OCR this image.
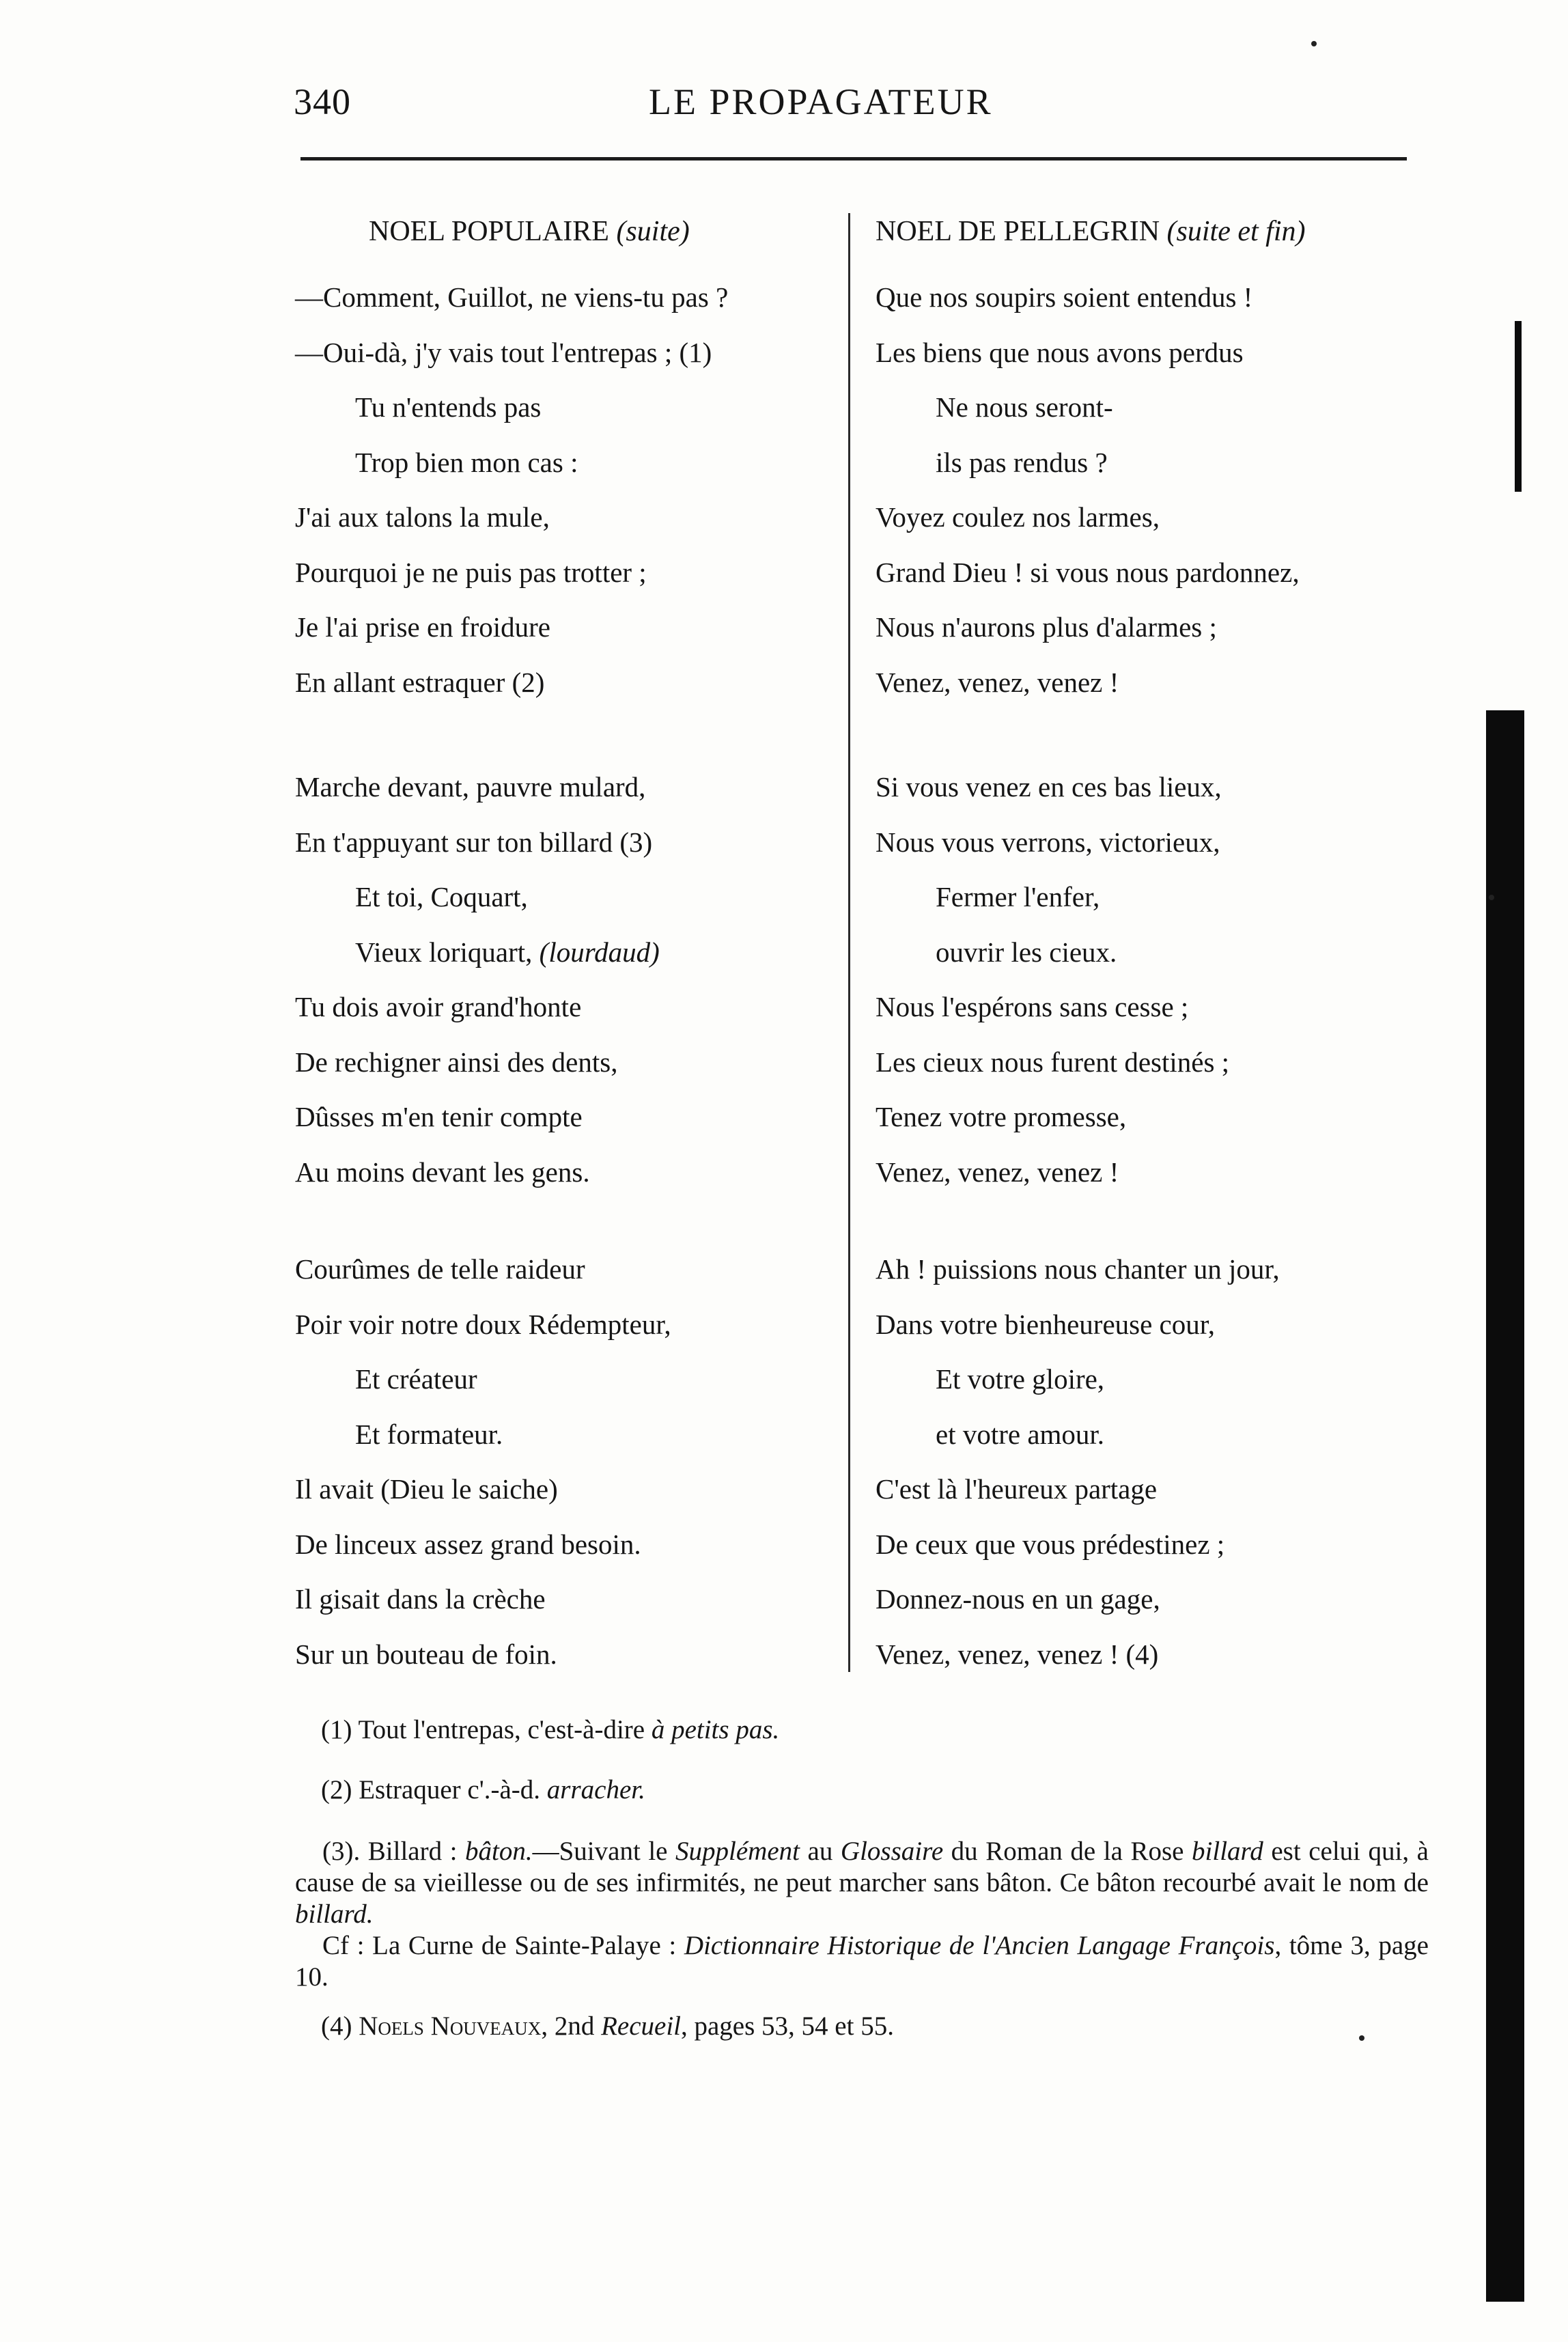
340	LE PROPAGATEUR
NOEL POPULAIRE (suite)	NOEL DE PELLEGRIN (suite et fin)
—Comment, Guillot, ne viens-tu pas ?
—Oui-dà, j'y vais tout l'entrepas ; (1)
Tu n'entends pas
Trop bien mon cas :
J'ai aux talons la mule,
Pourquoi je ne puis pas trotter ;
Je l'ai prise en froidure
En allant estraquer (2)
Marche devant, pauvre mulard,
En t'appuyant sur ton billard (3)
Et toi, Coquart,
Vieux loriquart, (lourdaud)
Tu dois avoir grand'honte
De rechigner ainsi des dents,
Dûsses m'en tenir compte
Au moins devant les gens.
Courûmes de telle raideur
Poir voir notre doux Rédempteur,
Et créateur
Et formateur.
Il avait (Dieu le saiche)
De linceux assez grand besoin.
Il gisait dans la crèche
Sur un bouteau de foin.
Que nos soupirs soient entendus !
Les biens que nous avons perdus
Ne nous seront-
ils pas rendus ?
Voyez coulez nos larmes,
Grand Dieu ! si vous nous pardonnez,
Nous n'aurons plus d'alarmes ;
Venez, venez, venez !
Si vous venez en ces bas lieux,
Nous vous verrons, victorieux,
Fermer l'enfer,
ouvrir les cieux.
Nous l'espérons sans cesse ;
Les cieux nous furent destinés ;
Tenez votre promesse,
Venez, venez, venez !
Ah ! puissions nous chanter un jour,
Dans votre bienheureuse cour,
Et votre gloire,
et votre amour.
C'est là l'heureux partage
De ceux que vous prédestinez ;
Donnez-nous en un gage,
Venez, venez, venez ! (4)
(1) Tout l'entrepas, c'est-à-dire à petits pas.
(2) Estraquer c'.-à-d. arracher.
(3). Billard : bâton.—Suivant le Supplément au Glossaire du Roman de la Rose billard est celui qui, à cause de sa vieillesse ou de ses infirmités, ne peut marcher sans bâton. Ce bâton recourbé avait le nom de billard.
Cf : La Curne de Sainte-Palaye : Dictionnaire Historique de l'Ancien Langage François, tôme 3, page 10.
(4) Noels Nouveaux, 2nd Recueil, pages 53, 54 et 55.
